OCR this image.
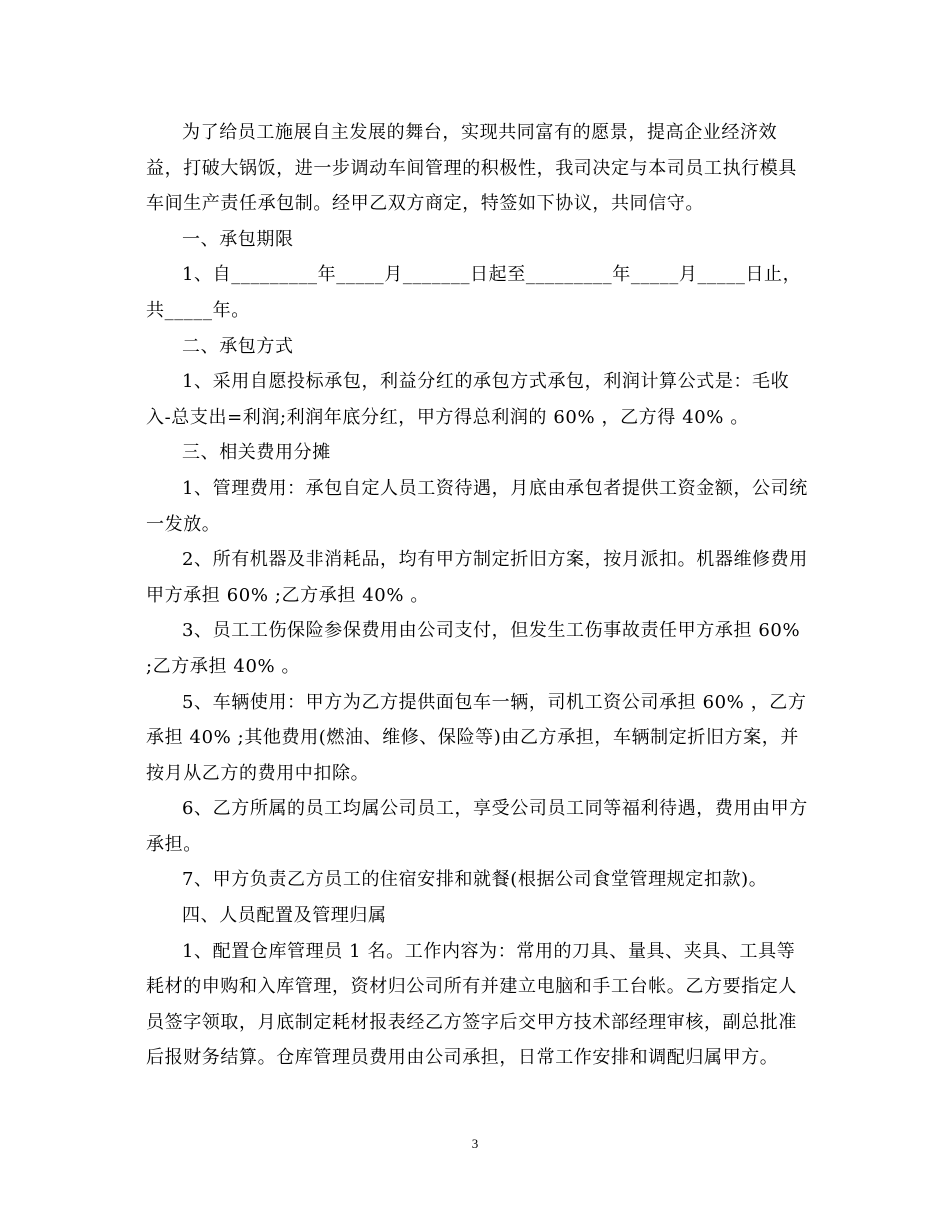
为了给员工施展自主发展的舞台，实现共同富有的愿景，提高企业经济效益，打破大锅饭，进一步调动车间管理的积极性，我司决定与本司员工执行模具车间生产责任承包制。经甲乙双方商定，特签如下协议，共同信守。

一、承包期限

1、自_________年_____月_______日起至_________年_____月_____日止，共_____年。

二、承包方式

1、采用自愿投标承包，利益分红的承包方式承包，利润计算公式是：毛收入-总支出=利润;利润年底分红，甲方得总利润的 60% ，乙方得 40% 。

三、相关费用分摊

1、管理费用：承包自定人员工资待遇，月底由承包者提供工资金额，公司统一发放。

2、所有机器及非消耗品，均有甲方制定折旧方案，按月派扣。机器维修费用甲方承担 60% ;乙方承担 40% 。

3、员工工伤保险参保费用由公司支付，但发生工伤事故责任甲方承担 60% ;乙方承担 40% 。

5、车辆使用：甲方为乙方提供面包车一辆，司机工资公司承担 60% ，乙方承担 40% ;其他费用(燃油、维修、保险等)由乙方承担，车辆制定折旧方案，并按月从乙方的费用中扣除。

6、乙方所属的员工均属公司员工，享受公司员工同等福利待遇，费用由甲方承担。

7、甲方负责乙方员工的住宿安排和就餐(根据公司食堂管理规定扣款)。

四、人员配置及管理归属

1、配置仓库管理员 1 名。工作内容为：常用的刀具、量具、夹具、工具等耗材的申购和入库管理，资材归公司所有并建立电脑和手工台帐。乙方要指定人员签字领取，月底制定耗材报表经乙方签字后交甲方技术部经理审核，副总批准后报财务结算。仓库管理员费用由公司承担，日常工作安排和调配归属甲方。

3
